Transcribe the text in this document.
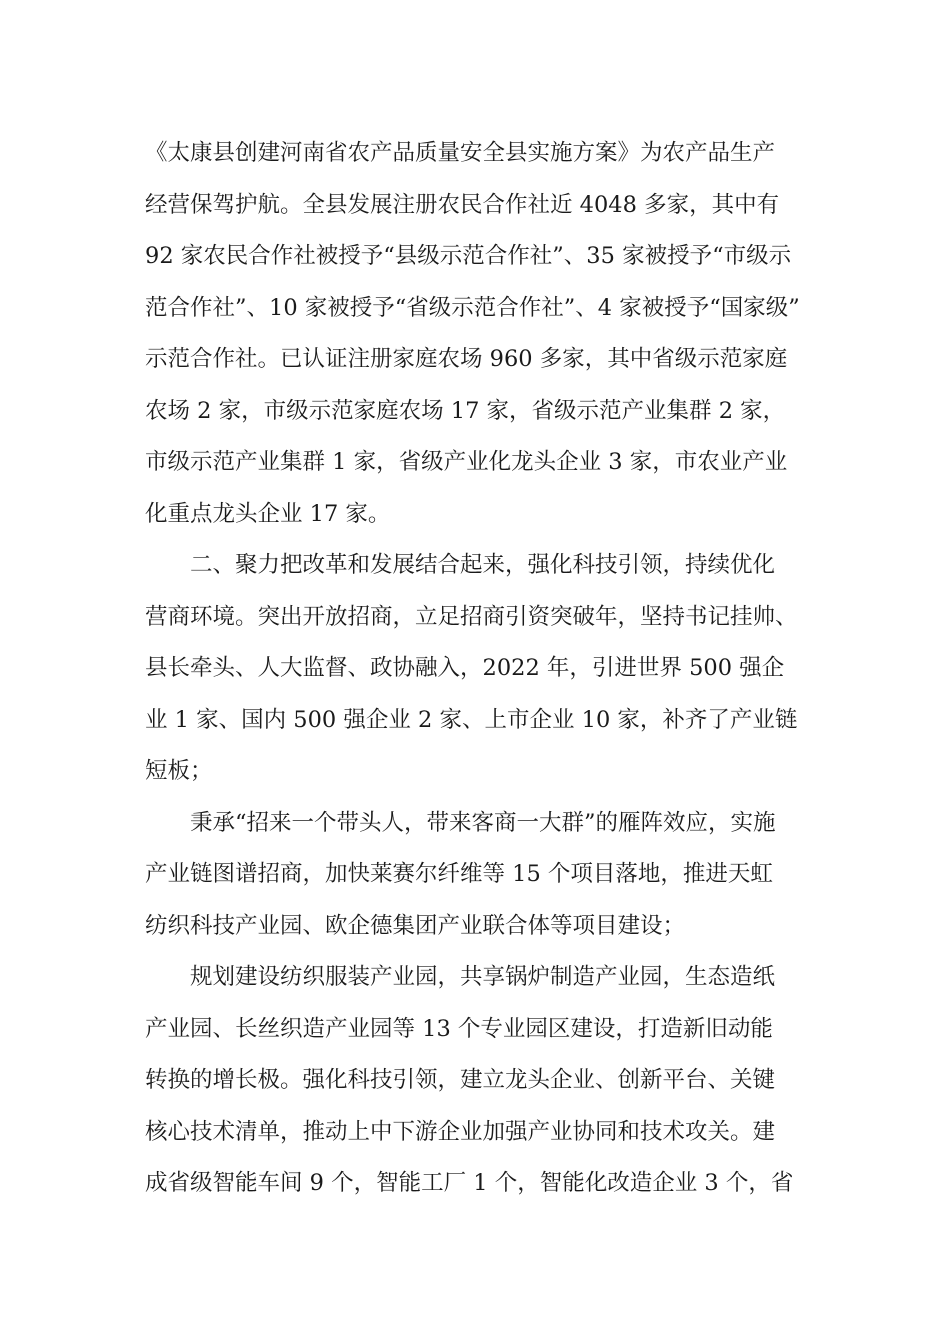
《太康县创建河南省农产品质量安全县实施方案》为农产品生产
经营保驾护航。全县发展注册农民合作社近 4048 多家，其中有
92 家农民合作社被授予“县级示范合作社”、35 家被授予“市级示
范合作社”、10 家被授予“省级示范合作社”、4 家被授予“国家级”
示范合作社。已认证注册家庭农场 960 多家，其中省级示范家庭
农场 2 家，市级示范家庭农场 17 家，省级示范产业集群 2 家，
市级示范产业集群 1 家，省级产业化龙头企业 3 家，市农业产业
化重点龙头企业 17 家。
二、聚力把改革和发展结合起来，强化科技引领，持续优化
营商环境。突出开放招商，立足招商引资突破年，坚持书记挂帅、
县长牵头、人大监督、政协融入，2022 年，引进世界 500 强企
业 1 家、国内 500 强企业 2 家、上市企业 10 家，补齐了产业链
短板；
秉承“招来一个带头人，带来客商一大群”的雁阵效应，实施
产业链图谱招商，加快莱赛尔纤维等 15 个项目落地，推进天虹
纺织科技产业园、欧企德集团产业联合体等项目建设；
规划建设纺织服装产业园，共享锅炉制造产业园，生态造纸
产业园、长丝织造产业园等 13 个专业园区建设，打造新旧动能
转换的增长极。强化科技引领，建立龙头企业、创新平台、关键
核心技术清单，推动上中下游企业加强产业协同和技术攻关。建
成省级智能车间 9 个，智能工厂 1 个，智能化改造企业 3 个，省
